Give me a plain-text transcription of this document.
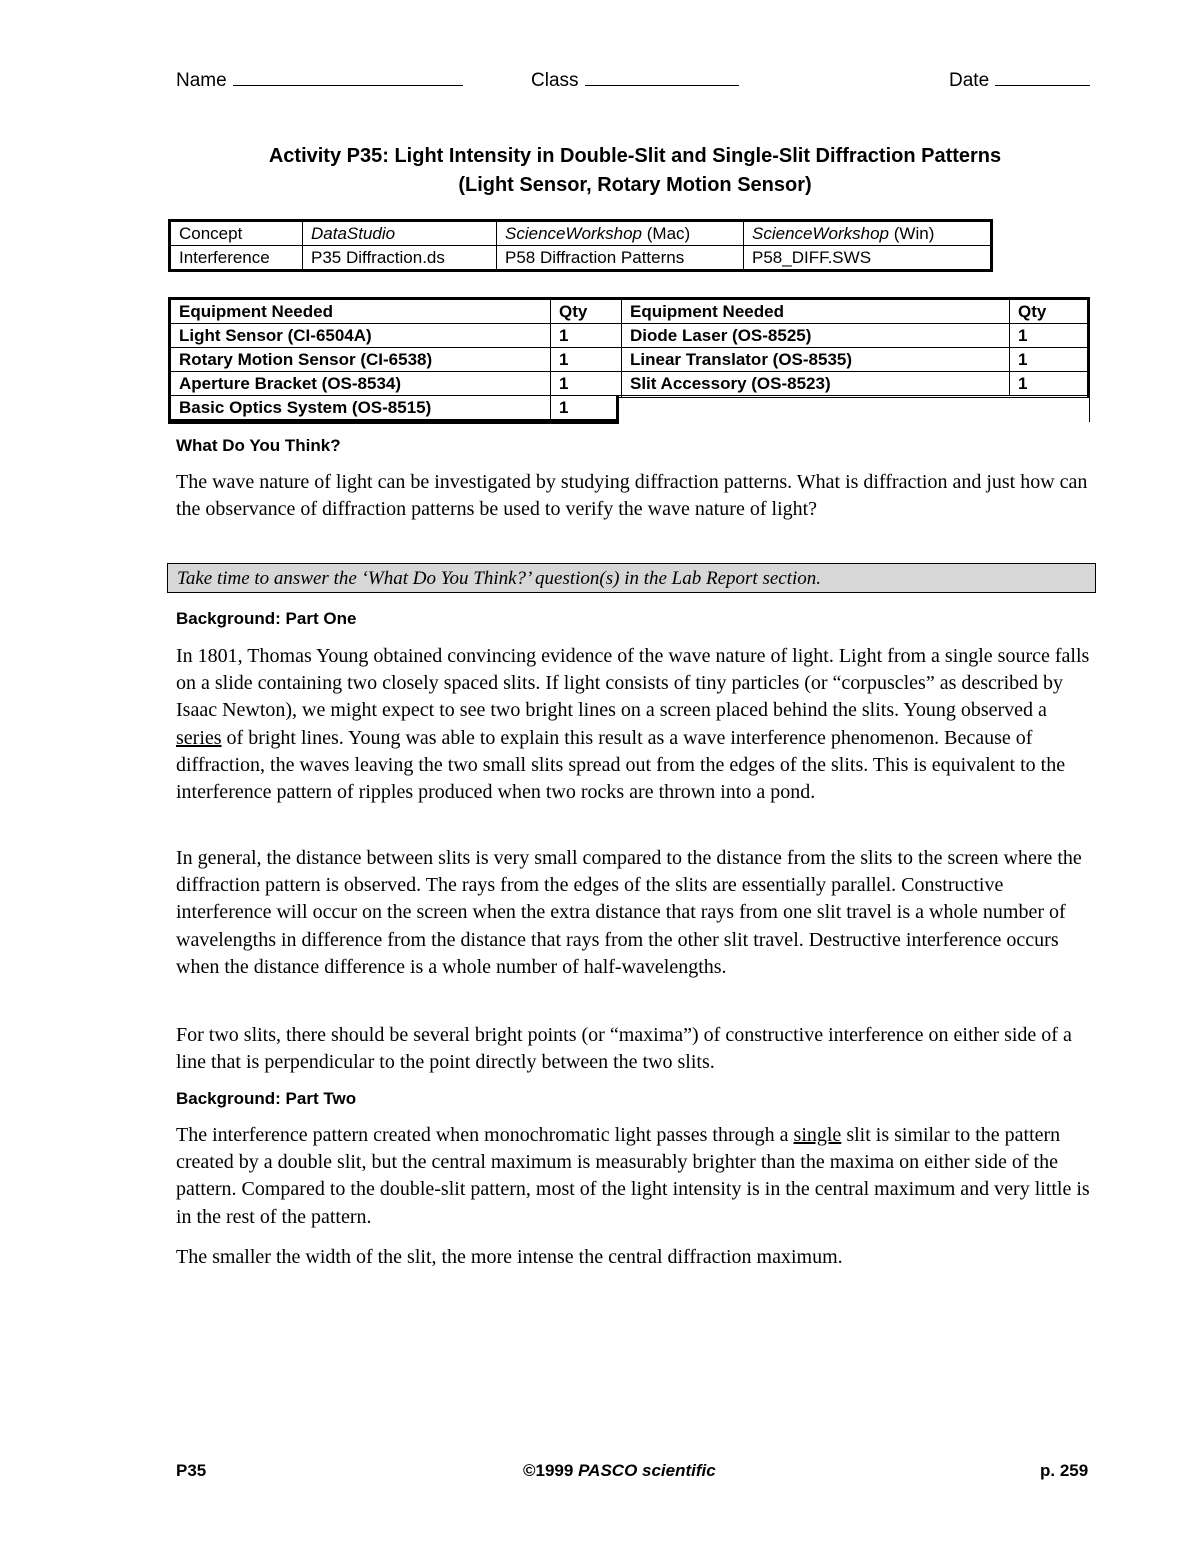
Name	Class	Date
Activity P35: Light Intensity in Double-Slit and Single-Slit Diffraction Patterns
(Light Sensor, Rotary Motion Sensor)
Concept	DataStudio	ScienceWorkshop (Mac)	ScienceWorkshop (Win)
Interference	P35 Diffraction.ds	P58 Diffraction Patterns	P58_DIFF.SWS
Equipment Needed	Qty	Equipment Needed	Qty
Light Sensor (CI-6504A)	1	Diode Laser (OS-8525)	1
Rotary Motion Sensor (CI-6538)	1	Linear Translator (OS-8535)	1
Aperture Bracket (OS-8534)	1	Slit Accessory (OS-8523)	1
Basic Optics System (OS-8515)	1		
What Do You Think?
The wave nature of light can be investigated by studying diffraction patterns. What is diffraction and just how can the observance of diffraction patterns be used to verify the wave nature of light?
Take time to answer the ‘What Do You Think?’ question(s) in the Lab Report section.
Background: Part One
In 1801, Thomas Young obtained convincing evidence of the wave nature of light. Light from a single source falls on a slide containing two closely spaced slits. If light consists of tiny particles (or “corpuscles” as described by Isaac Newton), we might expect to see two bright lines on a screen placed behind the slits. Young observed a series of bright lines. Young was able to explain this result as a wave interference phenomenon. Because of diffraction, the waves leaving the two small slits spread out from the edges of the slits. This is equivalent to the interference pattern of ripples produced when two rocks are thrown into a pond.
In general, the distance between slits is very small compared to the distance from the slits to the screen where the diffraction pattern is observed. The rays from the edges of the slits are essentially parallel. Constructive interference will occur on the screen when the extra distance that rays from one slit travel is a whole number of wavelengths in difference from the distance that rays from the other slit travel. Destructive interference occurs when the distance difference is a whole number of half-wavelengths.
For two slits, there should be several bright points (or “maxima”) of constructive interference on either side of a line that is perpendicular to the point directly between the two slits.
Background: Part Two
The interference pattern created when monochromatic light passes through a single slit is similar to the pattern created by a double slit, but the central maximum is measurably brighter than the maxima on either side of the pattern. Compared to the double-slit pattern, most of the light intensity is in the central maximum and very little is in the rest of the pattern.
The smaller the width of the slit, the more intense the central diffraction maximum.
P35	©1999 PASCO scientific	p. 259
